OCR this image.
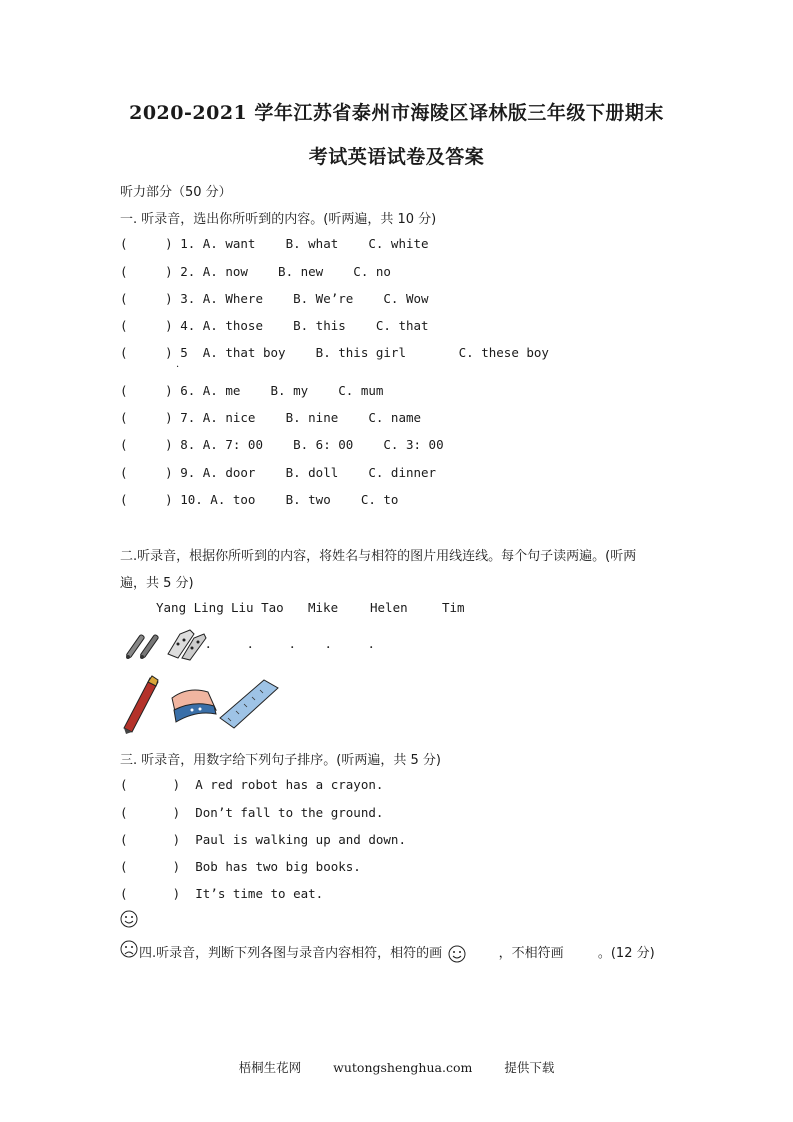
2020-2021 学年江苏省泰州市海陵区译林版三年级下册期末
考试英语试卷及答案
听力部分（50 分）
一. 听录音，选出你所听到的内容。(听两遍，共 10 分)
(     ) 1. A. want    B. what    C. white
(     ) 2. A. now    B. new    C. no
(     ) 3. A. Where    B. We’re    C. Wow
(     ) 4. A. those    B. this    C. that
(     ) 5  A. that boy    B. this girl       C. these boy
·
(     ) 6. A. me    B. my    C. mum
(     ) 7. A. nice    B. nine    C. name
(     ) 8. A. 7: 00    B. 6: 00    C. 3: 00
(     ) 9. A. door    B. doll    C. dinner
(     ) 10. A. too    B. two    C. to
二.听录音，根据你所听到的内容，将姓名与相符的图片用线连线。每个句子读两遍。(听两
遍，共 5 分)
Yang Ling Liu Tao Mike	Helen	Tim
.	.	. .	.
三. 听录音，用数字给下列句子排序。(听两遍，共 5 分)
(      )  A red robot has a crayon.
(      )  Don’t fall to the ground.
(      )  Paul is walking up and down.
(      )  Bob has two big books.
(      )  It’s time to eat.
四.听录音，判断下列各图与录音内容相符，相符的画	，不相符画	。(12 分)
梧桐生花网	wutongshenghua.com	提供下载
